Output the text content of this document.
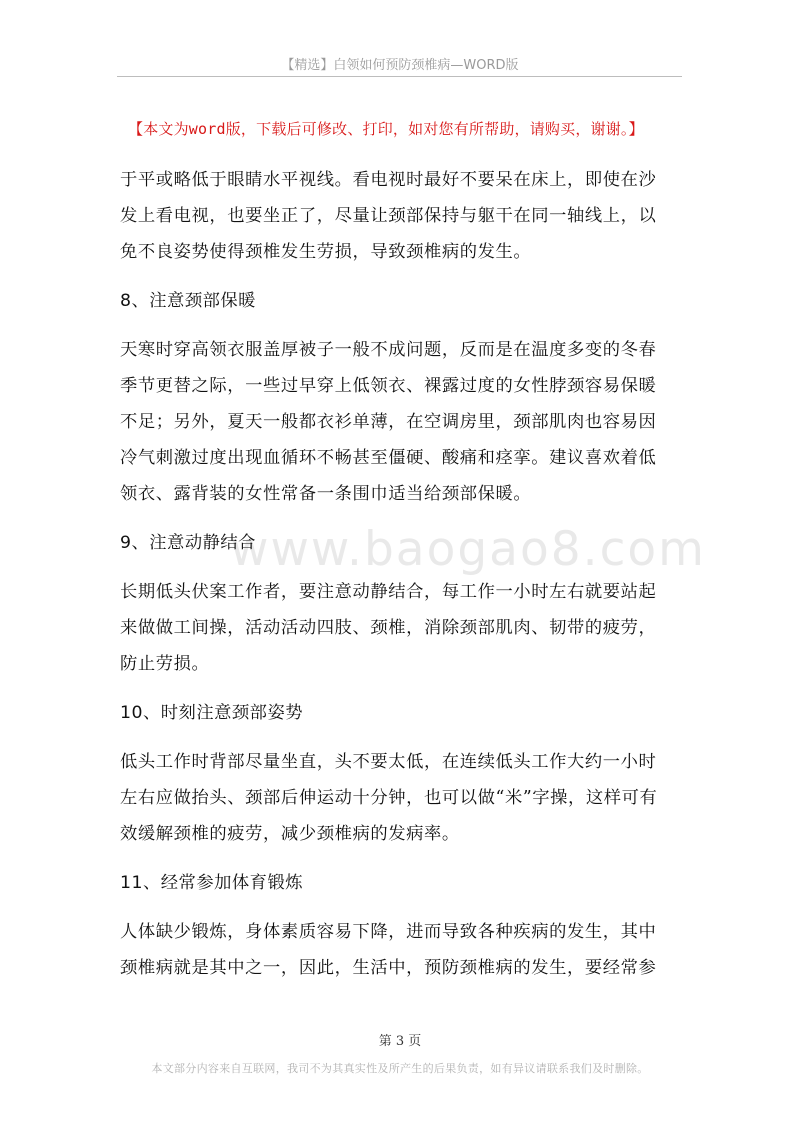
【精选】白领如何预防颈椎病—WORD版
【本文为word版，下载后可修改、打印，如对您有所帮助，请购买，谢谢。】
www.baogao8.com

于平或略低于眼睛水平视线。看电视时最好不要呆在床上，即使在沙

发上看电视，也要坐正了，尽量让颈部保持与躯干在同一轴线上，以

免不良姿势使得颈椎发生劳损，导致颈椎病的发生。

8、注意颈部保暖

天寒时穿高领衣服盖厚被子一般不成问题，反而是在温度多变的冬春

季节更替之际，一些过早穿上低领衣、裸露过度的女性脖颈容易保暖

不足；另外，夏天一般都衣衫单薄，在空调房里，颈部肌肉也容易因

冷气刺激过度出现血循环不畅甚至僵硬、酸痛和痉挛。建议喜欢着低

领衣、露背装的女性常备一条围巾适当给颈部保暖。

9、注意动静结合

长期低头伏案工作者，要注意动静结合，每工作一小时左右就要站起

来做做工间操，活动活动四肢、颈椎，消除颈部肌肉、韧带的疲劳，

防止劳损。

10、时刻注意颈部姿势

低头工作时背部尽量坐直，头不要太低，在连续低头工作大约一小时

左右应做抬头、颈部后伸运动十分钟，也可以做“米”字操，这样可有

效缓解颈椎的疲劳，减少颈椎病的发病率。

11、经常参加体育锻炼

人体缺少锻炼，身体素质容易下降，进而导致各种疾病的发生，其中

颈椎病就是其中之一，因此，生活中，预防颈椎病的发生，要经常参

第 3 页
本文部分内容来自互联网，我司不为其真实性及所产生的后果负责，如有异议请联系我们及时删除。
